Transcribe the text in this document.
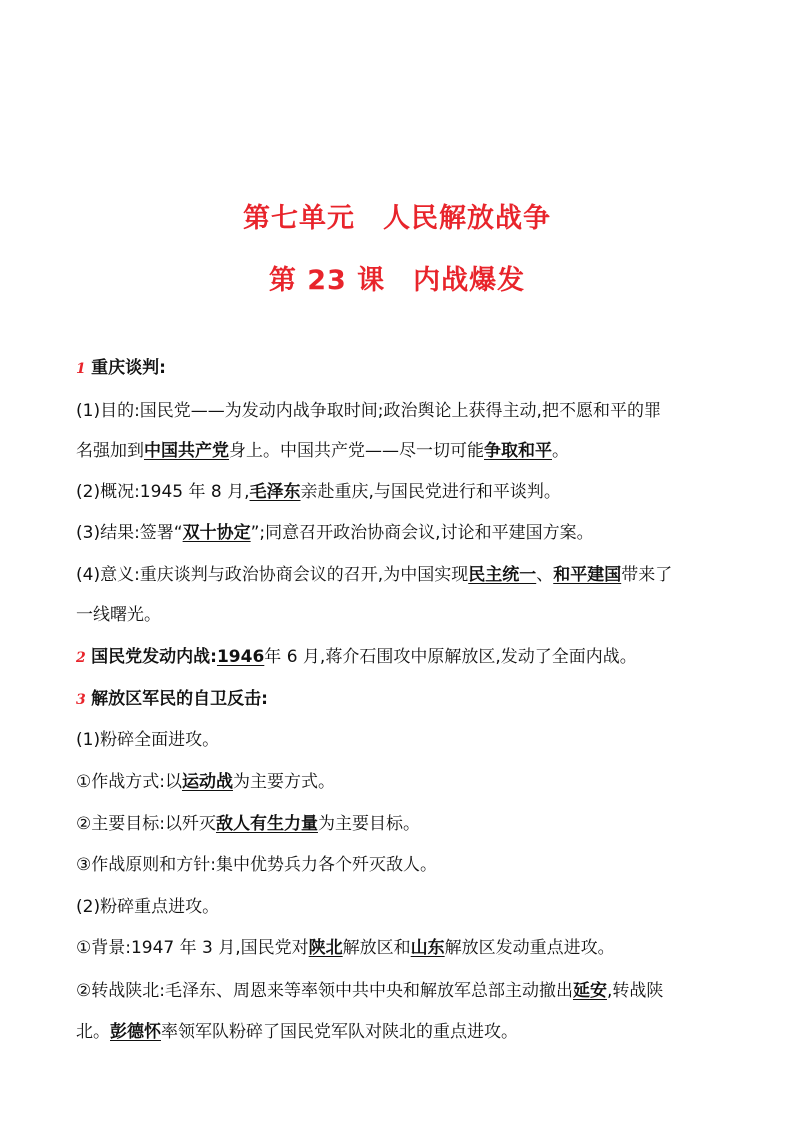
第七单元　人民解放战争
第 23 课　内战爆发
1 重庆谈判:
(1)目的:国民党——为发动内战争取时间;政治舆论上获得主动,把不愿和平的罪
名强加到中国共产党身上。中国共产党——尽一切可能争取和平。
(2)概况:1945 年 8 月,毛泽东亲赴重庆,与国民党进行和平谈判。
(3)结果:签署“双十协定”;同意召开政治协商会议,讨论和平建国方案。
(4)意义:重庆谈判与政治协商会议的召开,为中国实现民主统一、和平建国带来了
一线曙光。
2 国民党发动内战:1946年 6 月,蒋介石围攻中原解放区,发动了全面内战。
3 解放区军民的自卫反击:
(1)粉碎全面进攻。
①作战方式:以运动战为主要方式。
②主要目标:以歼灭敌人有生力量为主要目标。
③作战原则和方针:集中优势兵力各个歼灭敌人。
(2)粉碎重点进攻。
①背景:1947 年 3 月,国民党对陕北解放区和山东解放区发动重点进攻。
②转战陕北:毛泽东、周恩来等率领中共中央和解放军总部主动撤出延安,转战陕
北。彭德怀率领军队粉碎了国民党军队对陕北的重点进攻。
